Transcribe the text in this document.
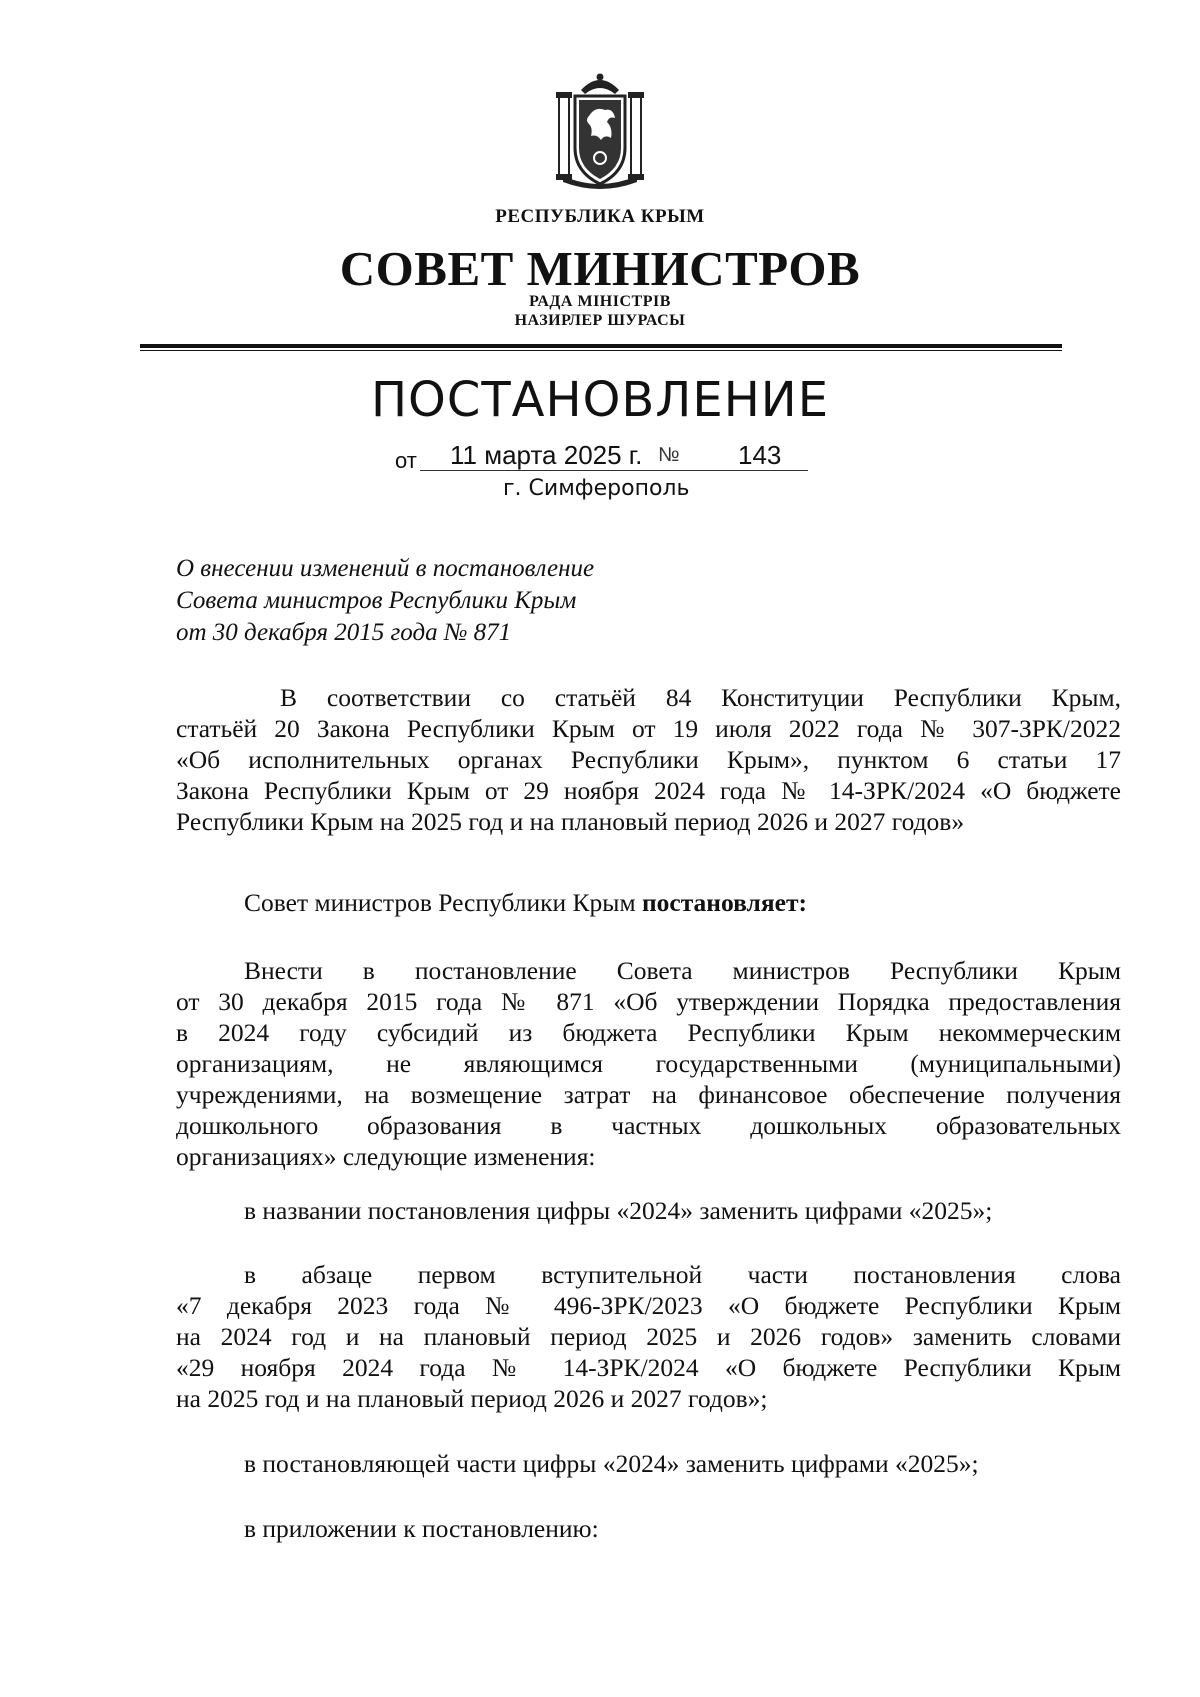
РЕСПУБЛИКА КРЫМ
СОВЕТ МИНИСТРОВ
РАДА МІНІСТРІВ
НАЗИРЛЕР ШУРАСЫ
ПОСТАНОВЛЕНИЕ
от 11 марта 2025 г. № 143
г. Симферополь
О внесении изменений в постановление
Совета министров Республики Крым
от 30 декабря 2015 года № 871
В соответствии со статьёй 84 Конституции Республики Крым,
статьёй 20 Закона Республики Крым от 19 июля 2022 года № 307-ЗРК/2022
«Об исполнительных органах Республики Крым», пунктом 6 статьи 17
Закона Республики Крым от 29 ноября 2024 года № 14-ЗРК/2024 «О бюджете
Республики Крым на 2025 год и на плановый период 2026 и 2027 годов»
Совет министров Республики Крым постановляет:
Внести в постановление Совета министров Республики Крым
от 30 декабря 2015 года № 871 «Об утверждении Порядка предоставления
в 2024 году субсидий из бюджета Республики Крым некоммерческим
организациям, не являющимся государственными (муниципальными)
учреждениями, на возмещение затрат на финансовое обеспечение получения
дошкольного образования в частных дошкольных образовательных
организациях» следующие изменения:
в названии постановления цифры «2024» заменить цифрами «2025»;
в абзаце первом вступительной части постановления слова
«7 декабря 2023 года № 496-ЗРК/2023 «О бюджете Республики Крым
на 2024 год и на плановый период 2025 и 2026 годов» заменить словами
«29 ноября 2024 года № 14-ЗРК/2024 «О бюджете Республики Крым
на 2025 год и на плановый период 2026 и 2027 годов»;
в постановляющей части цифры «2024» заменить цифрами «2025»;
в приложении к постановлению:
